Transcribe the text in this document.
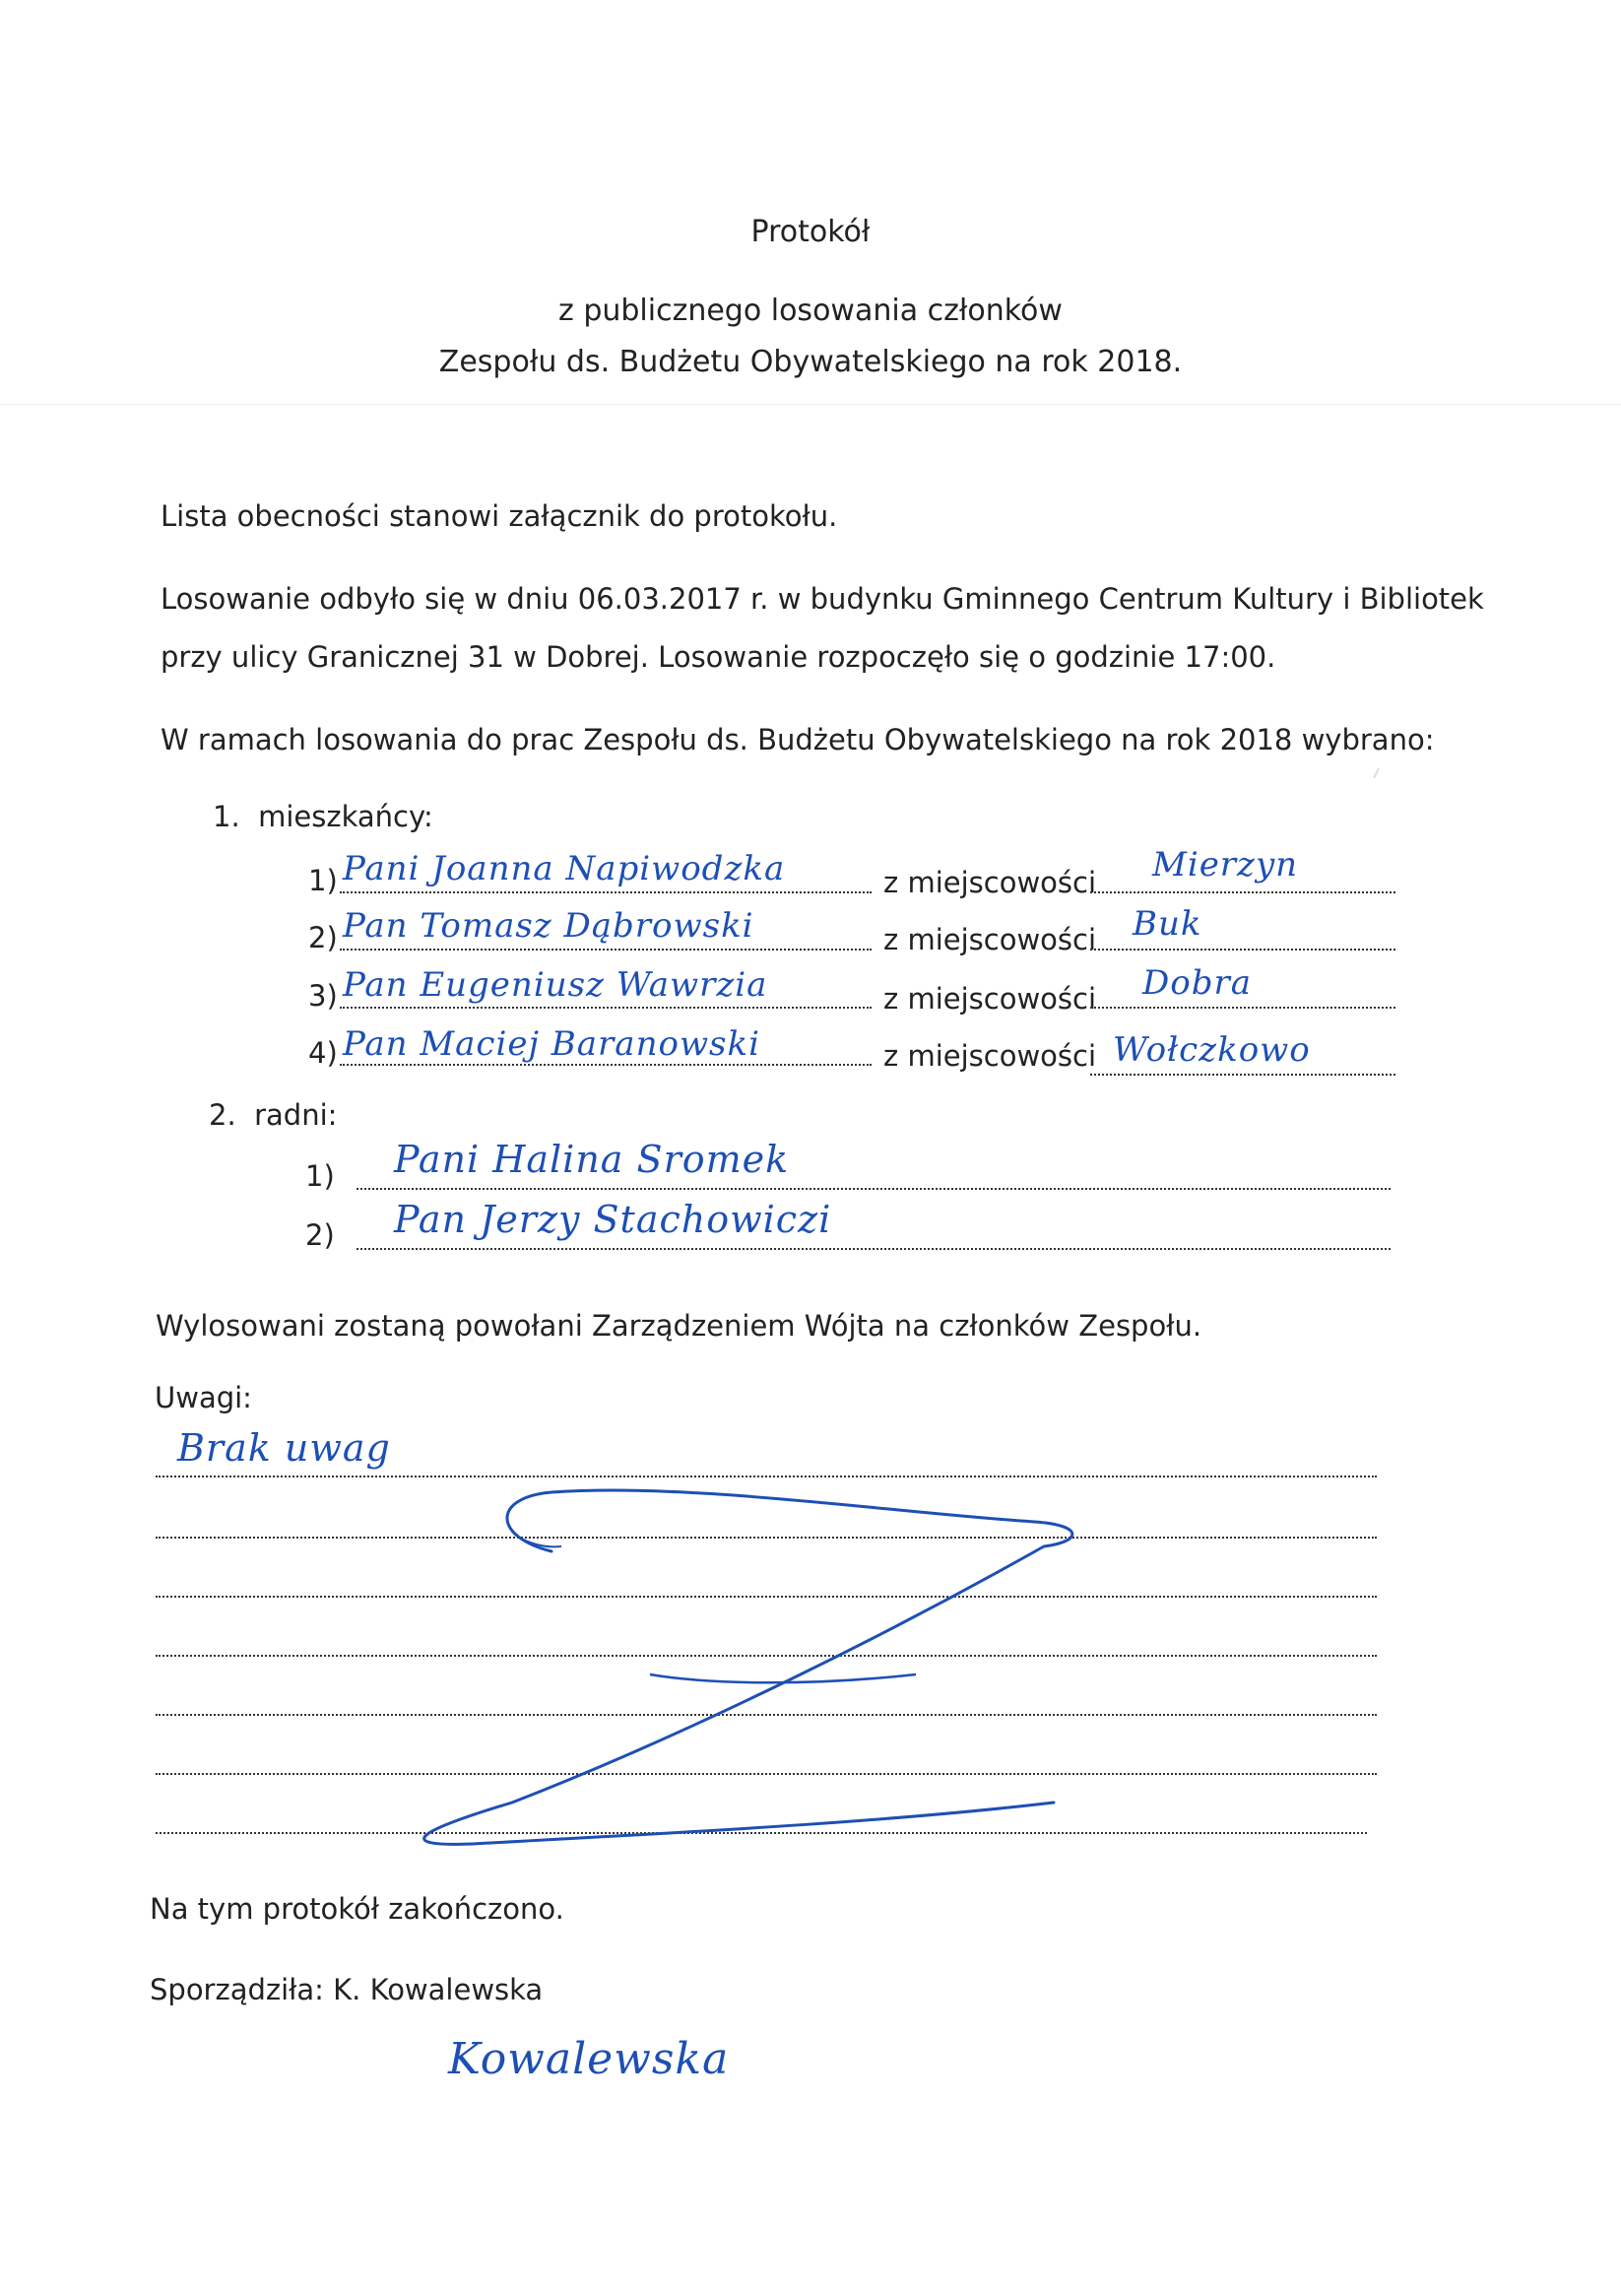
Protokół
z publicznego losowania członków
Zespołu ds. Budżetu Obywatelskiego na rok 2018.
Lista obecności stanowi załącznik do protokołu.
Losowanie odbyło się w dniu 06.03.2017 r. w budynku Gminnego Centrum Kultury i Bibliotek
przy ulicy Granicznej 31 w Dobrej. Losowanie rozpoczęło się o godzinie 17:00.
W ramach losowania do prac Zespołu ds. Budżetu Obywatelskiego na rok 2018 wybrano:
1.  mieszkańcy:
1) Pani Joanna Napiwodzka	z miejscowości Mierzyn
2) Pan Tomasz Dąbrowski	z miejscowości Buk
3) Pan Eugeniusz Wawrzia	z miejscowości Dobra
4) Pan Maciej Baranowski	z miejscowości Wołczkowo
2.  radni:
1) Pani Halina Sromek
2) Pan Jerzy Stachowiczi
Wylosowani zostaną powołani Zarządzeniem Wójta na członków Zespołu.
Uwagi:
Brak uwag
Na tym protokół zakończono.
Sporządziła: K. Kowalewska
Kowalewska
